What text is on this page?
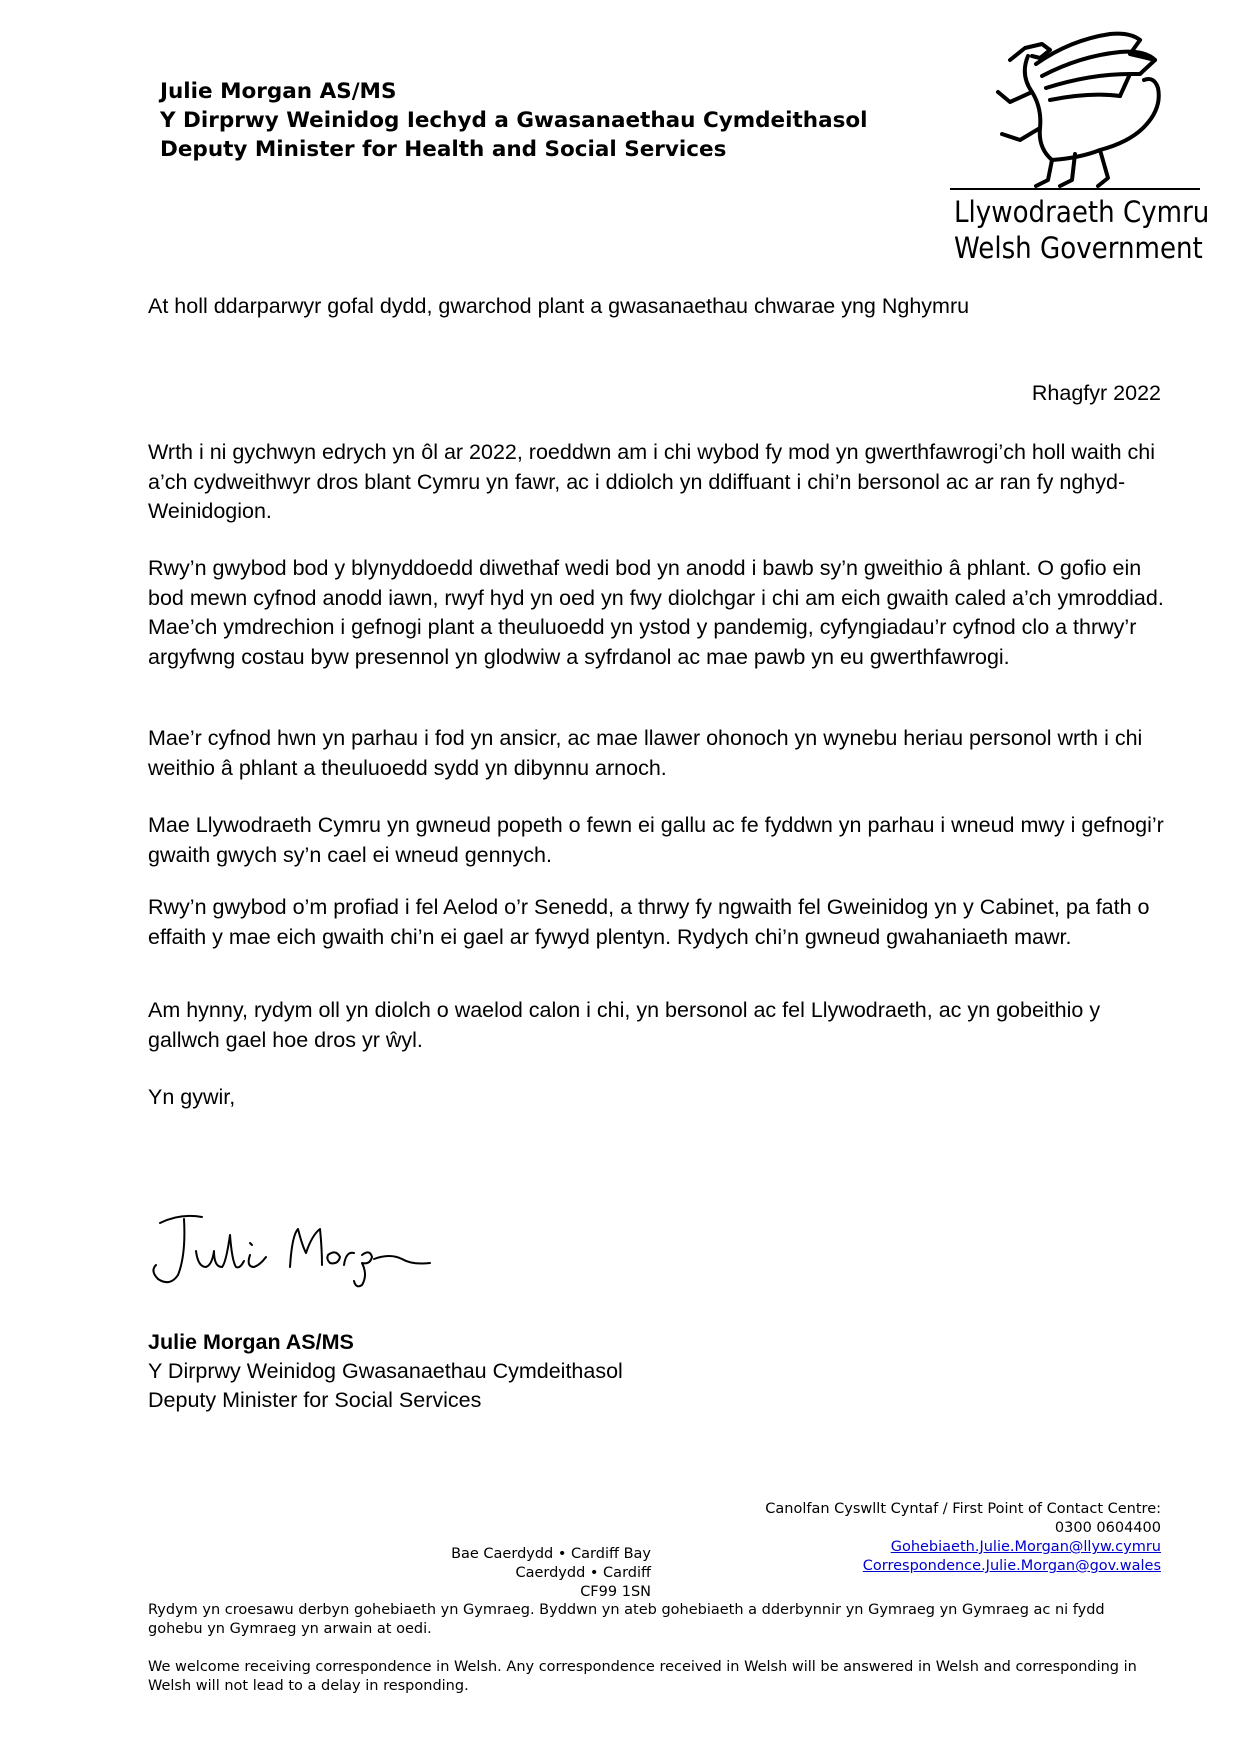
Julie Morgan AS/MS
Y Dirprwy Weinidog Iechyd a Gwasanaethau Cymdeithasol
Deputy Minister for Health and Social Services
Llywodraeth Cymru
Welsh Government
At holl ddarparwyr gofal dydd, gwarchod plant a gwasanaethau chwarae yng Nghymru
Rhagfyr 2022

Wrth i ni gychwyn edrych yn ôl ar 2022, roeddwn am i chi wybod fy mod yn gwerthfawrogi’ch holl waith chi a’ch cydweithwyr dros blant Cymru yn fawr, ac i ddiolch yn ddiffuant i chi’n bersonol ac ar ran fy nghyd-Weinidogion.

Rwy’n gwybod bod y blynyddoedd diwethaf wedi bod yn anodd i bawb sy’n gweithio â phlant. O gofio ein bod mewn cyfnod anodd iawn, rwyf hyd yn oed yn fwy diolchgar i chi am eich gwaith caled a’ch ymroddiad. Mae’ch ymdrechion i gefnogi plant a theuluoedd yn ystod y pandemig, cyfyngiadau’r cyfnod clo a thrwy’r argyfwng costau byw presennol yn glodwiw a syfrdanol ac mae pawb yn eu gwerthfawrogi.

Mae’r cyfnod hwn yn parhau i fod yn ansicr, ac mae llawer ohonoch yn wynebu heriau personol wrth i chi weithio â phlant a theuluoedd sydd yn dibynnu arnoch.

Mae Llywodraeth Cymru yn gwneud popeth o fewn ei gallu ac fe fyddwn yn parhau i wneud mwy i gefnogi’r gwaith gwych sy’n cael ei wneud gennych.

Rwy’n gwybod o’m profiad i fel Aelod o’r Senedd, a thrwy fy ngwaith fel Gweinidog yn y Cabinet, pa fath o effaith y mae eich gwaith chi’n ei gael ar fywyd plentyn. Rydych chi’n gwneud gwahaniaeth mawr.

Am hynny, rydym oll yn diolch o waelod calon i chi, yn bersonol ac fel Llywodraeth, ac yn gobeithio y gallwch gael hoe dros yr ŵyl.

Yn gywir,

Julie Morgan AS/MS
Y Dirprwy Weinidog Gwasanaethau Cymdeithasol
Deputy Minister for Social Services
Canolfan Cyswllt Cyntaf / First Point of Contact Centre:
0300 0604400
Gohebiaeth.Julie.Morgan@llyw.cymru
Correspondence.Julie.Morgan@gov.wales
Bae Caerdydd • Cardiff Bay
Caerdydd • Cardiff
CF99 1SN

Rydym yn croesawu derbyn gohebiaeth yn Gymraeg. Byddwn yn ateb gohebiaeth a dderbynnir yn Gymraeg yn Gymraeg ac ni fydd gohebu yn Gymraeg yn arwain at oedi.

We welcome receiving correspondence in Welsh. Any correspondence received in Welsh will be answered in Welsh and corresponding in Welsh will not lead to a delay in responding.
